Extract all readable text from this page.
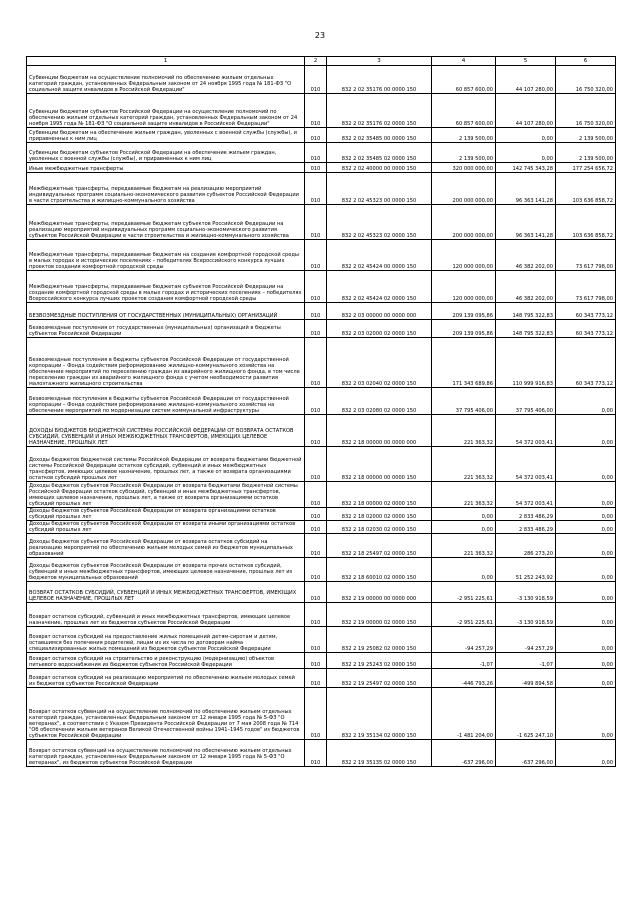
23
1	2	3	4	5	6
Субвенции бюджетам на осуществление полномочий по обеспечению жильем отдельных категорий граждан, установленных Федеральным законом от 24 ноября 1995 года № 181-ФЗ "О социальной защите инвалидов в Российской Федерации"	010	832 2 02 35176 00 0000 150	60 857 600,00	44 107 280,00	16 750 320,00
Субвенции бюджетам субъектов Российской Федерации на осуществление полномочий по обеспечению жильем отдельных категорий граждан, установленных Федеральным законом от 24 ноября 1995 года № 181-ФЗ "О социальной защите инвалидов в Российской Федерации"	010	832 2 02 35176 02 0000 150	60 857 600,00	44 107 280,00	16 750 320,00
Субвенции бюджетам на обеспечение жильем граждан, уволенных с военной службы (службы), и приравненных к ним лиц	010	832 2 02 35485 00 0000 150	2 139 500,00	0,00	2 139 500,00
Субвенции бюджетам субъектов Российской Федерации на обеспечение жильем граждан, уволенных с военной службы (службы), и приравненных к ним лиц	010	832 2 02 35485 02 0000 150	2 139 500,00	0,00	2 139 500,00
Иные межбюджетные трансферты	010	832 2 02 40000 00 0000 150	320 000 000,00	142 745 343,28	177 254 656,72
Межбюджетные трансферты, передаваемые бюджетам на реализацию мероприятий индивидуальных программ социально-экономического развития субъектов Российской Федерации в части строительства и жилищно-коммунального хозяйства	010	832 2 02 45323 00 0000 150	200 000 000,00	96 363 141,28	103 636 858,72
Межбюджетные трансферты, передаваемые бюджетам субъектов Российской Федерации на реализацию мероприятий индивидуальных программ социально-экономического развития субъектов Российской Федерации в части строительства и жилищно-коммунального хозяйства	010	832 2 02 45323 02 0000 150	200 000 000,00	96 363 141,28	103 636 858,72
Межбюджетные трансферты, передаваемые бюджетам на создание комфортной городской среды в малых городах и исторических поселениях – победителях Всероссийского конкурса лучших проектов создания комфортной городской среды	010	832 2 02 45424 00 0000 150	120 000 000,00	46 382 202,00	73 617 798,00
Межбюджетные трансферты, передаваемые бюджетам субъектов Российской Федерации на создание комфортной городской среды в малых городах и исторических поселениях – победителях Всероссийского конкурса лучших проектов создания комфортной городской среды	010	832 2 02 45424 02 0000 150	120 000 000,00	46 382 202,00	73 617 798,00
БЕЗВОЗМЕЗДНЫЕ ПОСТУПЛЕНИЯ ОТ ГОСУДАРСТВЕННЫХ (МУНИЦИПАЛЬНЫХ) ОРГАНИЗАЦИЙ	010	832 2 03 00000 00 0000 000	209 139 095,86	148 795 322,83	60 343 773,12
Безвозмездные поступления от государственных (муниципальных) организаций в бюджеты субъектов Российской Федерации	010	832 2 03 02000 02 0000 150	209 139 095,86	148 795 322,83	60 343 773,12
Безвозмездные поступления в бюджеты субъектов Российской Федерации от государственной корпорации – Фонда содействия реформированию жилищно-коммунального хозяйства на обеспечение мероприятий по переселению граждан из аварийного жилищного фонда, в том числе переселению граждан из аварийного жилищного фонда с учетом необходимости развития малоэтажного жилищного строительства	010	832 2 03 02040 02 0000 150	171 343 689,86	110 999 916,83	60 343 773,12
Безвозмездные поступления в бюджеты субъектов Российской Федерации от государственной корпорации – Фонда содействия реформированию жилищно-коммунального хозяйства на обеспечение мероприятий по модернизации систем коммунальной инфраструктуры	010	832 2 03 02080 02 0000 150	37 795 406,00	37 795 406,00	0,00
ДОХОДЫ БЮДЖЕТОВ БЮДЖЕТНОЙ СИСТЕМЫ РОССИЙСКОЙ ФЕДЕРАЦИИ ОТ ВОЗВРАТА ОСТАТКОВ СУБСИДИЙ, СУБВЕНЦИЙ И ИНЫХ МЕЖБЮДЖЕТНЫХ ТРАНСФЕРТОВ, ИМЕЮЩИХ ЦЕЛЕВОЕ НАЗНАЧЕНИЕ, ПРОШЛЫХ ЛЕТ	010	832 2 18 00000 00 0000 000	221 363,32	54 372 003,41	0,00
Доходы бюджетов бюджетной системы Российской Федерации от возврата бюджетами бюджетной системы Российской Федерации остатков субсидий, субвенций и иных межбюджетных трансфертов, имеющих целевое назначение, прошлых лет, а также от возврата организациями остатков субсидий прошлых лет	010	832 2 18 00000 00 0000 150	221 363,32	54 372 003,41	0,00
Доходы бюджетов субъектов Российской Федерации от возврата бюджетами бюджетной системы Российской Федерации остатков субсидий, субвенций и иных межбюджетных трансфертов, имеющих целевое назначение, прошлых лет, а также от возврата организациями остатков субсидий прошлых лет	010	832 2 18 00000 02 0000 150	221 363,32	54 372 003,41	0,00
Доходы бюджетов субъектов Российской Федерации от возврата организациями остатков субсидий прошлых лет	010	832 2 18 02000 02 0000 150	0,00	2 833 486,29	0,00
Доходы бюджетов субъектов Российской Федерации от возврата иными организациями остатков субсидий прошлых лет	010	832 2 18 02030 02 0000 150	0,00	2 833 486,29	0,00
Доходы бюджетов субъектов Российской Федерации от возврата остатков субсидий на реализацию мероприятий по обеспечению жильем молодых семей из бюджетов муниципальных образований	010	832 2 18 25497 02 0000 150	221 363,32	286 273,20	0,00
Доходы бюджетов субъектов Российской Федерации от возврата прочих остатков субсидий, субвенций и иных межбюджетных трансфертов, имеющих целевое назначение, прошлых лет из бюджетов муниципальных образований	010	832 2 18 60010 02 0000 150	0,00	51 252 243,92	0,00
ВОЗВРАТ ОСТАТКОВ СУБСИДИЙ, СУБВЕНЦИЙ И ИНЫХ МЕЖБЮДЖЕТНЫХ ТРАНСФЕРТОВ, ИМЕЮЩИХ ЦЕЛЕВОЕ НАЗНАЧЕНИЕ, ПРОШЛЫХ ЛЕТ	010	832 2 19 00000 00 0000 000	-2 951 225,61	-3 130 918,59	0,00
Возврат остатков субсидий, субвенций и иных межбюджетных трансфертов, имеющих целевое назначение, прошлых лет из бюджетов субъектов Российской Федерации	010	832 2 19 00000 02 0000 150	-2 951 225,61	-3 130 918,59	0,00
Возврат остатков субсидий на предоставление жилых помещений детям-сиротам и детям, оставшимся без попечения родителей, лицам из их числа по договорам найма специализированных жилых помещений из бюджетов субъектов Российской Федерации	010	832 2 19 25082 02 0000 150	-94 257,29	-94 257,29	0,00
Возврат остатков субсидий на строительство и реконструкцию (модернизацию) объектов питьевого водоснабжения из бюджетов субъектов Российской Федерации	010	832 2 19 25243 02 0000 150	-1,07	-1,07	0,00
Возврат остатков субсидий на реализацию мероприятий по обеспечению жильем молодых семей из бюджетов субъектов Российской Федерации	010	832 2 19 25497 02 0000 150	-446 793,26	-499 894,58	0,00
Возврат остатков субвенций на осуществление полномочий по обеспечению жильем отдельных категорий граждан, установленных Федеральным законом от 12 января 1995 года № 5-ФЗ "О ветеранах", в соответствии с Указом Президента Российской Федерации от 7 мая 2008 года № 714 "Об обеспечении жильем ветеранов Великой Отечественной войны 1941–1945 годов" из бюджетов субъектов Российской Федерации	010	832 2 19 35134 02 0000 150	-1 481 204,00	-1 625 247,10	0,00
Возврат остатков субвенций на осуществление полномочий по обеспечению жильем отдельных категорий граждан, установленных Федеральным законом от 12 января 1995 года № 5-ФЗ "О ветеранах", из бюджетов субъектов Российской Федерации	010	832 2 19 35135 02 0000 150	-637 296,00	-637 296,00	0,00
